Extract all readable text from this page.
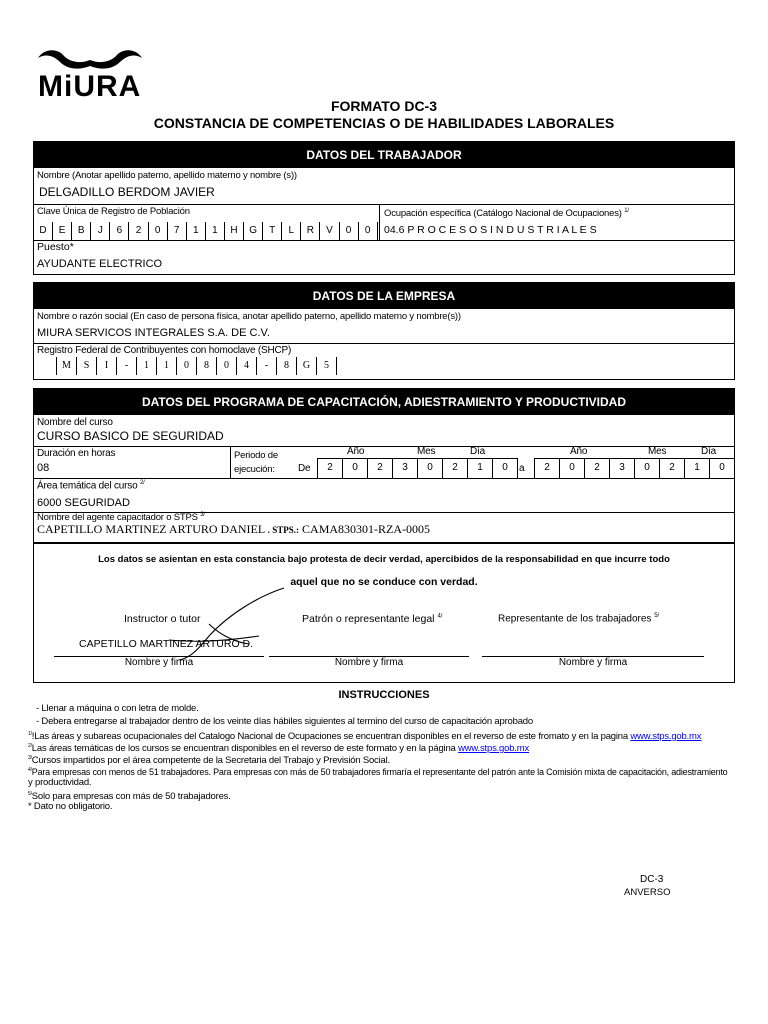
MiURA
FORMATO DC-3
CONSTANCIA DE COMPETENCIAS O DE HABILIDADES LABORALES
DATOS DEL TRABAJADOR
Nombre (Anotar apellido paterno, apellido materno y nombre (s))
DELGADILLO BERDOM JAVIER
Clave Única de Registro de Población	Ocupación específica (Catálogo Nacional de Ocupaciones) $^{1/}$
D	E	B	J	6	2	0	7	1	1	H	G	T	L	R	V	0	0	04.6 P R O C E S O S I N D U S T R I A L E S
Puesto*
AYUDANTE ELECTRICO
DATOS DE LA EMPRESA
Nombre o razón social (En caso de persona física, anotar apellido paterno, apellido materno y nombre(s))
MIURA SERVICOS INTEGRALES S.A. DE C.V.
Registro Federal de Contribuyentes con homoclave (SHCP)
M	S	I	-	1	1	0	8	0	4	-	8	G	5
DATOS DEL PROGRAMA DE CAPACITACIÓN, ADIESTRAMIENTO Y PRODUCTIVIDAD
Nombre del curso
CURSO BASICO DE SEGURIDAD
Duración en horas
08
Periodo de
ejecución: De
Año	Mes	Día	Año	Mes	Día
2	0	2	3	0	2	1	0	a	2	0	2	3	0	2	1	0
Área temática del curso $^{2/}$
6000 SEGURIDAD
Nombre del agente capacitador o STPS $^{3/}$
CAPETILLO MARTINEZ ARTURO DANIEL . STPS.: CAMA830301-RZA-0005
Los datos se asientan en esta constancia bajo protesta de decir verdad, apercibidos de la responsabilidad en que incurre todo
aquel que no se conduce con verdad.
Instructor o tutor	Patrón o representante legal $^{4/}$	Representante de los trabajadores $^{5/}$
CAPETILLO MARTINEZ ARTURO D.
Nombre y firma	Nombre y firma	Nombre y firma
INSTRUCCIONES
- Llenar a máquina o con letra de molde.
- Debera entregarse al trabajador dentro de los veinte días hábiles siguientes al termino del curso de capacitación aprobado
$^{1/}$!Las áreas y subareas ocupacionales del Catalogo Nacional de Ocupaciones se encuentran disponibles en el reverso de este fromato y en la pagina www.stps.gob.mx
$^{2/}$Las áreas temáticas de los cursos se encuentran disponibles en el reverso de este formato y en la página www.stps.gob.mx
$^{3/}$Cursos impartidos por el área competente de la Secretaria del Trabajo y Previsión Social.
$^{4/}$Para empresas con menos de 51 trabajadores. Para empresas con más de 50 trabajadores firmaría el representante del patrón ante la Comisión mixta de capacitación, adiestramiento
y productividad.
$^{5/}$Solo para empresas con más de 50 trabajadores.
* Dato no obligatorio.
DC-3
ANVERSO
